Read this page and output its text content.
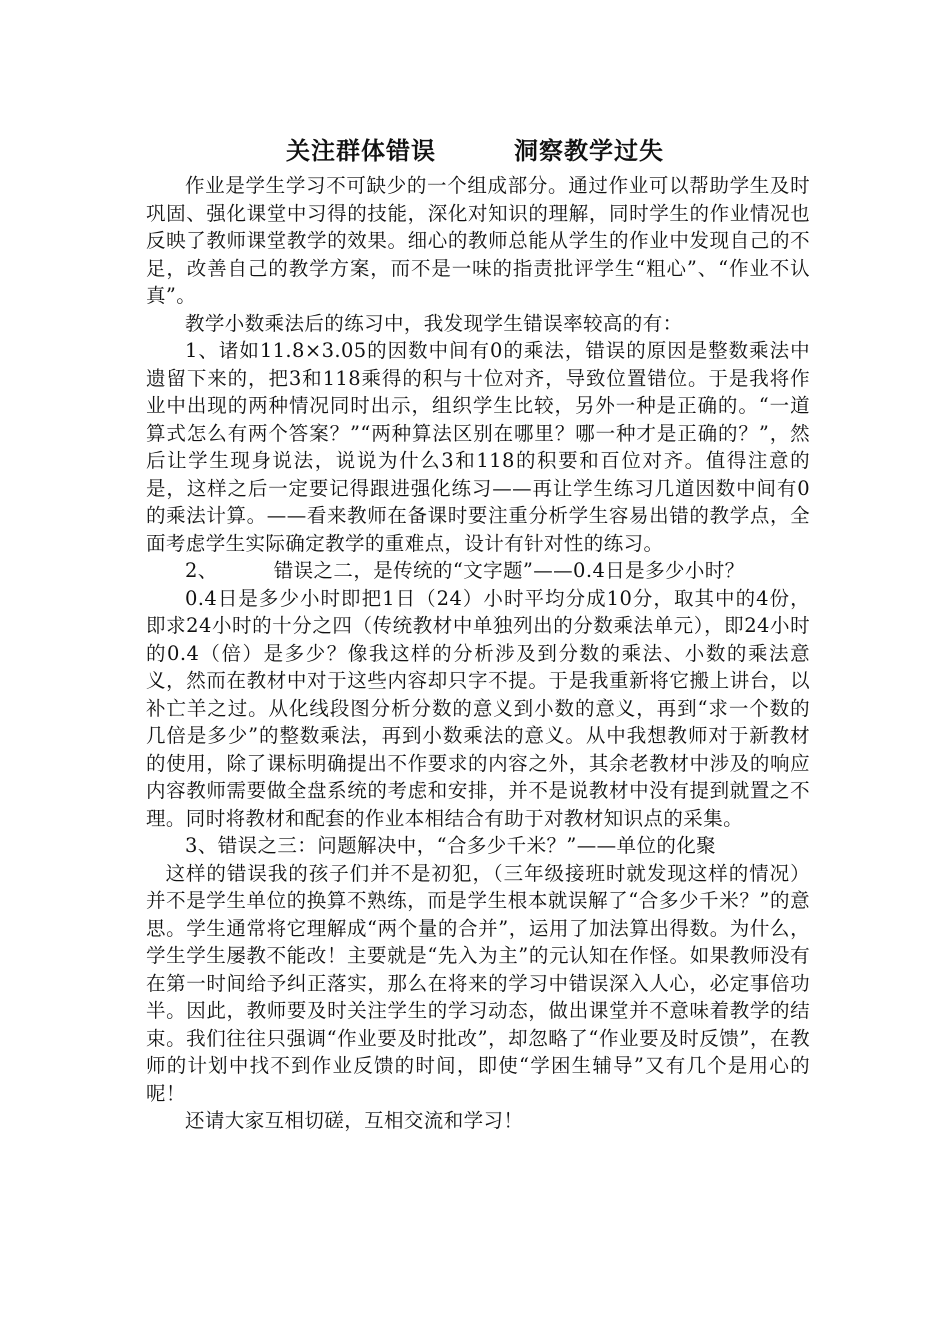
关注群体错误	洞察教学过失

作业是学生学习不可缺少的一个组成部分。通过作业可以帮助学生及时巩固、强化课堂中习得的技能，深化对知识的理解，同时学生的作业情况也反映了教师课堂教学的效果。细心的教师总能从学生的作业中发现自己的不足，改善自己的教学方案，而不是一味的指责批评学生“粗心”、“作业不认真”。

教学小数乘法后的练习中，我发现学生错误率较高的有：

1、诸如11.8×3.05的因数中间有0的乘法，错误的原因是整数乘法中遗留下来的，把3和118乘得的积与十位对齐，导致位置错位。于是我将作业中出现的两种情况同时出示，组织学生比较，另外一种是正确的。“一道算式怎么有两个答案？”“两种算法区别在哪里？哪一种才是正确的？”，然后让学生现身说法，说说为什么3和118的积要和百位对齐。值得注意的是，这样之后一定要记得跟进强化练习——再让学生练习几道因数中间有0的乘法计算。——看来教师在备课时要注重分析学生容易出错的教学点，全面考虑学生实际确定教学的重难点，设计有针对性的练习。

2、	错误之二，是传统的“文字题”——0.4日是多少小时？

0.4日是多少小时即把1日（24）小时平均分成10分，取其中的4份，即求24小时的十分之四（传统教材中单独列出的分数乘法单元），即24小时的0.4（倍）是多少？像我这样的分析涉及到分数的乘法、小数的乘法意义，然而在教材中对于这些内容却只字不提。于是我重新将它搬上讲台，以补亡羊之过。从化线段图分析分数的意义到小数的意义，再到“求一个数的几倍是多少”的整数乘法，再到小数乘法的意义。从中我想教师对于新教材的使用，除了课标明确提出不作要求的内容之外，其余老教材中涉及的响应内容教师需要做全盘系统的考虑和安排，并不是说教材中没有提到就置之不理。同时将教材和配套的作业本相结合有助于对教材知识点的采集。

3、错误之三：问题解决中，“合多少千米？”——单位的化聚

这样的错误我的孩子们并不是初犯，（三年级接班时就发现这样的情况）并不是学生单位的换算不熟练，而是学生根本就误解了“合多少千米？”的意思。学生通常将它理解成“两个量的合并”，运用了加法算出得数。为什么，学生学生屡教不能改！主要就是“先入为主”的元认知在作怪。如果教师没有在第一时间给予纠正落实，那么在将来的学习中错误深入人心，必定事倍功半。因此，教师要及时关注学生的学习动态，做出课堂并不意味着教学的结束。我们往往只强调“作业要及时批改”，却忽略了“作业要及时反馈”，在教师的计划中找不到作业反馈的时间，即使“学困生辅导”又有几个是用心的呢！

还请大家互相切磋，互相交流和学习！
